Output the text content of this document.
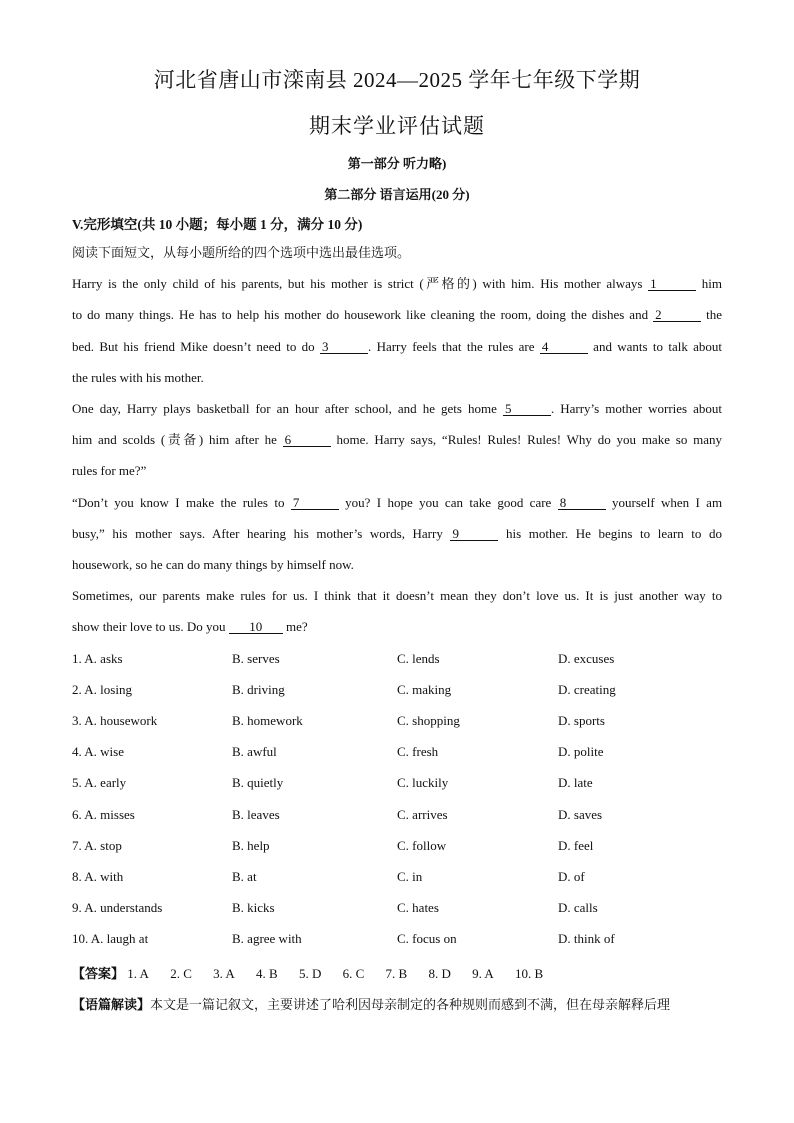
河北省唐山市滦南县 2024—2025 学年七年级下学期
期末学业评估试题
第一部分 听力略)
第二部分 语言运用(20 分)
V.完形填空(共 10 小题；每小题 1 分，满分 10 分)
阅读下面短文，从每小题所给的四个选项中选出最佳选项。
Harry is the only child of his parents, but his mother is strict (严格的) with him. His mother always 1	him
to do many things. He has to help his mother do housework like cleaning the room, doing the dishes and 2	the
bed. But his friend Mike doesn’t need to do 3	. Harry feels that the rules are 4	and wants to talk about
the rules with his mother.
One day, Harry plays basketball for an hour after school, and he gets home 5	. Harry’s mother worries about
him and scolds (责备) him after he 6	home. Harry says, “Rules! Rules! Rules! Why do you make so many
rules for me?”
“Don’t you know I make the rules to 7	you? I hope you can take good care 8	yourself when I am
busy,” his mother says. After hearing his mother’s words, Harry 9	his mother. He begins to learn to do
housework, so he can do many things by himself now.
Sometimes, our parents make rules for us. I think that it doesn’t mean they don’t love us. It is just another way to
show their love to us. Do you 10 me?
1. A. asks	B. serves	C. lends	D. excuses
2. A. losing	B. driving	C. making	D. creating
3. A. housework	B. homework	C. shopping	D. sports
4. A. wise	B. awful	C. fresh	D. polite
5. A. early	B. quietly	C. luckily	D. late
6. A. misses	B. leaves	C. arrives	D. saves
7. A. stop	B. help	C. follow	D. feel
8. A. with	B. at	C. in	D. of
9. A. understands	B. kicks	C. hates	D. calls
10. A. laugh at	B. agree with	C. focus on	D. think of
【答案】 1. A 2. C 3. A 4. B 5. D 6. C 7. B 8. D 9. A 10. B
【语篇解读】本文是一篇记叙文，主要讲述了哈利因母亲制定的各种规则而感到不满，但在母亲解释后理
